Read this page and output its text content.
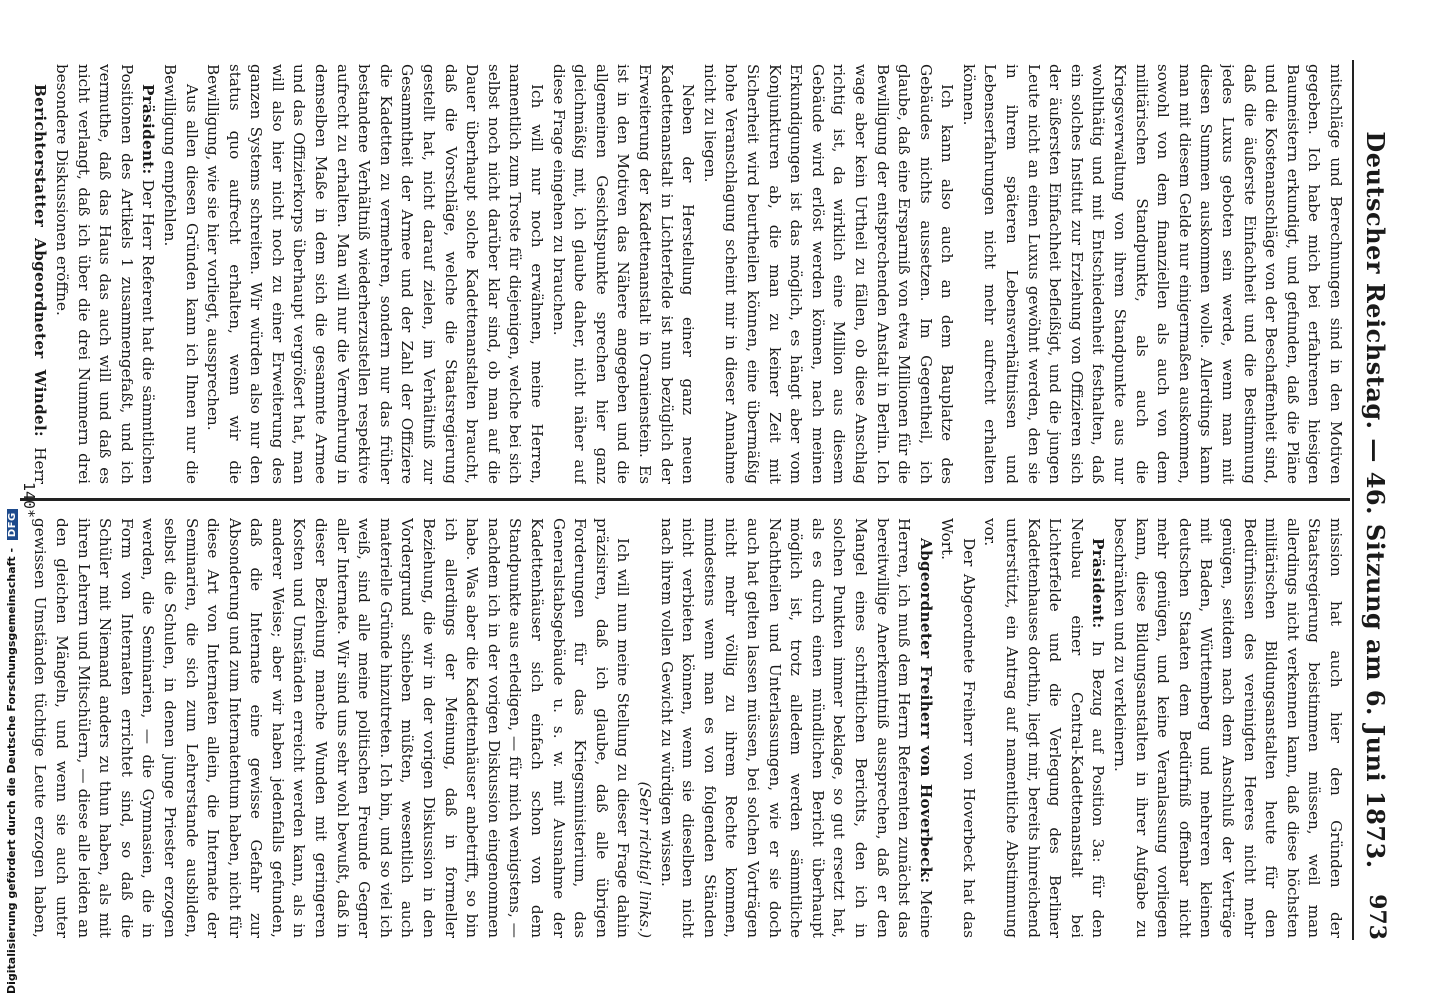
Deutscher Reichstag. — 46. Sitzung am 6. Juni 1873.
973

mitschläge und Berechnungen sind in den Motiven gegeben. Ich habe mich bei erfahrenen hiesigen Baumeistern erkundigt, und gefunden, daß die Pläne und die Kostenanschläge von der Beschaffenheit sind, daß die äußerste Einfachheit und die Bestimmung jedes Luxus geboten sein werde, wenn man mit diesen Summen auskommen wolle. Allerdings kann man mit diesem Gelde nur einigermaßen auskommen, sowohl von dem finanziellen als auch von dem militärischen Standpunkte, als auch die Kriegsverwaltung von ihrem Standpunkte aus nur wohlthätig und mit Entschiedenheit festhalten, daß ein solches Institut zur Erziehung von Offizieren sich der äußersten Einfachheit befleißigt, und die jungen Leute nicht an einen Luxus gewöhnt werden, den sie in ihrem späteren Lebensverhältnissen und Lebenserfahrungen nicht mehr aufrecht erhalten können.

Ich kann also auch an dem Bauplatze des Gebäudes nichts aussetzen. Im Gegentheil, ich glaube, daß eine Ersparniß von etwa Millionen für die Bewilligung der entsprechenden Anstalt in Berlin. Ich wage aber kein Urtheil zu fällen, ob diese Anschlag richtig ist, da wirklich eine Million aus diesem Gebäude wird erlöst werden können, nach meinen Erkundigungen ist das möglich, es hängt aber vom Konjunkturen ab, die man zu keiner Zeit mit Sicherheit wird beurtheilen können, eine übermäßig hohe Veranschlagung scheint mir in dieser Annahme nicht zu liegen.

Neben der Herstellung einer ganz neuen Kadettenanstalt in Lichterfelde ist nun bezüglich der Erweiterung der Kadettenanstalt in Oranienstein. Es ist in den Motiven das Nähere angegeben und die allgemeinen Gesichtspunkte sprechen hier ganz gleichmäßig mit, ich glaube daher, nicht näher auf diese Frage eingehen zu brauchen.

Ich will nur noch erwähnen, meine Herren, namentlich zum Troste für diejenigen, welche bei sich selbst noch nicht darüber klar sind, ob man auf die Dauer überhaupt solche Kadettenanstalten braucht, daß die Vorschläge, welche die Staatsregierung gestellt hat, nicht darauf zielen, im Verhältniß zur Gesammtheit der Armee und der Zahl der Offiziere die Kadetten zu vermehren, sondern nur das früher bestandene Verhältniß wiederherzustellen respektive aufrecht zu erhalten. Man will nur die Vermehrung in demselben Maße in dem sich die gesammte Armee und das Offizierkorps überhaupt vergrößert hat, man will also hier nicht noch zu einer Erweiterung des ganzen Systems schreiten. Wir würden also nur den status quo aufrecht erhalten, wenn wir die Bewilligung, wie sie hier vorliegt, aussprechen.

Aus allen diesen Gründen kann ich Ihnen nur die Bewilligung empfehlen.

Präsident: Der Herr Referent hat die sämmtlichen Positionen des Artikels 1 zusammengefaßt, und ich vermuthe, daß das Haus das auch will und daß es nicht verlangt, daß ich über die drei Nummern drei besondere Diskussionen eröffne.

Berichterstatter Abgeordneter Windel: Herr

mission hat auch hier den Gründen der Staatsregierung beistimmen müssen, weil man allerdings nicht verkennen kann, daß diese höchsten militärischen Bildungsanstalten heute für den Bedürfnissen des vereinigten Heeres nicht mehr genügen, seitdem nach dem Anschluß der Verträge mit Baden, Württemberg und mehreren kleinen deutschen Staaten dem Bedürfniß offenbar nicht mehr genügen, und keine Veranlassung vorliegen kann, diese Bildungsanstalten in ihrer Aufgabe zu beschränken und zu verkleinern.

Präsident: In Bezug auf Position 3a: für den Neubau einer Central-Kadettenanstalt bei Lichterfelde und die Verlegung des Berliner Kadettenhauses dorthin, liegt mir, bereits hinreichend unterstützt, ein Antrag auf namentliche Abstimmung vor.

Der Abgeordnete Freiherr von Hoverbeck hat das Wort.

Abgeordneter Freiherr von Hoverbeck: Meine Herren, ich muß dem Herrn Referenten zunächst das bereitwillige Anerkenntniß aussprechen, daß er den Mangel eines schriftlichen Berichts, den ich in solchen Punkten immer beklage, so gut ersetzt hat, als es durch einen mündlichen Bericht überhaupt möglich ist, trotz alledem werden sämmtliche Nachtheilen und Unterlassungen, wie er sie doch auch hat gelten lassen müssen, bei solchen Vorträgen nicht mehr völlig zu ihrem Rechte kommen, mindestens wenn man es von folgenden Ständen nicht verbieten können, wenn sie dieselben nicht nach ihrem vollen Gewicht zu würdigen wissen.

(Sehr richtig! links.)

Ich will nun meine Stellung zu dieser Frage dahin präzisiren, daß ich glaube, daß alle übrigen Forderungen für das Kriegsministerium, das Generalstabsgebäude u. s. w. mit Ausnahme der Kadettenhäuser sich einfach schon von dem Standpunkte aus erledigen, — für mich wenigstens, — nachdem ich in der vorigen Diskussion eingenommen habe. Was aber die Kadettenhäuser anbetrifft, so bin ich allerdings der Meinung, daß in formeller Beziehung, die wir in der vorigen Diskussion in den Vordergrund schieben müßten, wesentlich auch materielle Gründe hinzutreten. Ich bin, und so viel ich weiß, sind alle meine politischen Freunde Gegner aller Internate. Wir sind uns sehr wohl bewußt, daß in dieser Beziehung manche Wunden mit geringeren Kosten und Umständen erreicht werden kann, als in anderer Weise; aber wir haben jedenfalls gefunden, daß die Internate eine gewisse Gefahr zur Absonderung und zum Internatentum haben, nicht für diese Art von Internaten allein, die Internate der Seminarien, die sich zum Lehrerstande ausbilden, selbst die Schulen, in denen junge Priester erzogen werden, die Seminarien, — die Gymnasien, die in Form von Internaten errichtet sind, so daß die Schüler mit Niemand anders zu thun haben, als mit ihren Lehrern und Mitschülern, — diese alle leiden an den gleichen Mängeln, und wenn sie auch unter gewissen Umständen tüchtige Leute erzogen haben,

140*
Digitalisierung gefördert durch die Deutsche Forschungsgemeinschaft - DFG
